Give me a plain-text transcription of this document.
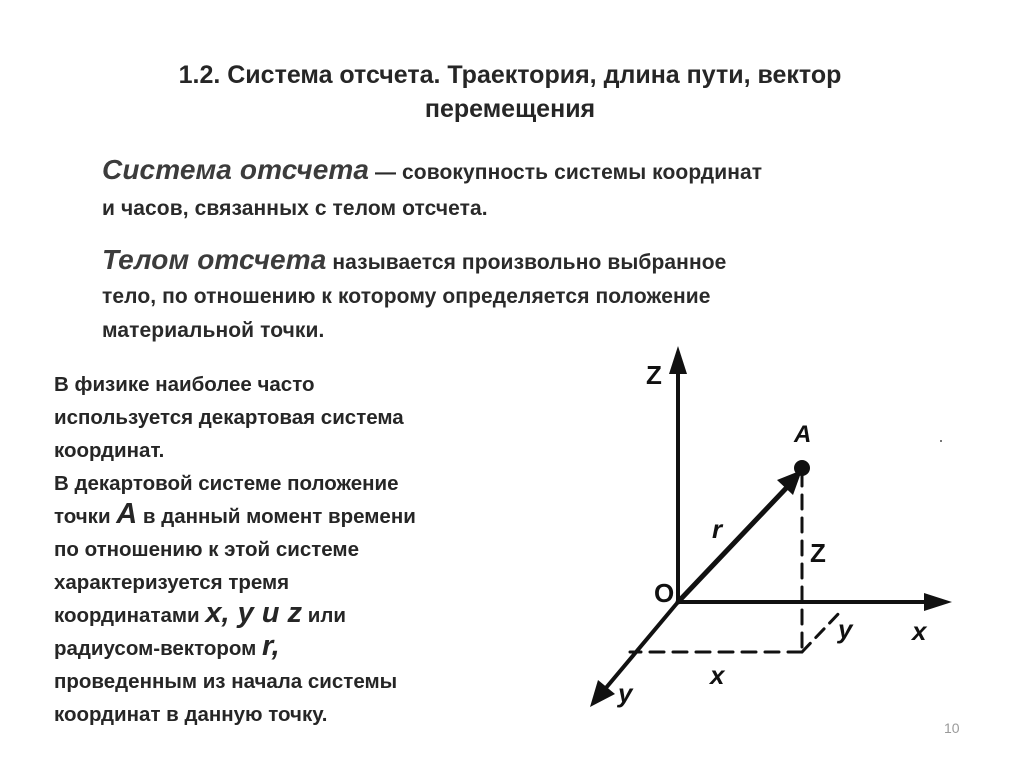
1.2. Система отсчета. Траектория, длина пути, вектор
перемещения
Система отсчета — совокупность системы координат
и часов, связанных с телом отсчета.
Телом отсчета называется произвольно выбранное
тело, по отношению к которому определяется положение
материальной точки.
В физике наиболее часто
используется декартовая система
координат.
В декартовой системе положение
точки A в данный момент времени
по отношению к этой системе
характеризуется тремя
координатами x, y и z или
радиусом-вектором r,
проведенным из начала системы
координат в данную точку.
Z
A
r
Z
O
y x
x
y
10
